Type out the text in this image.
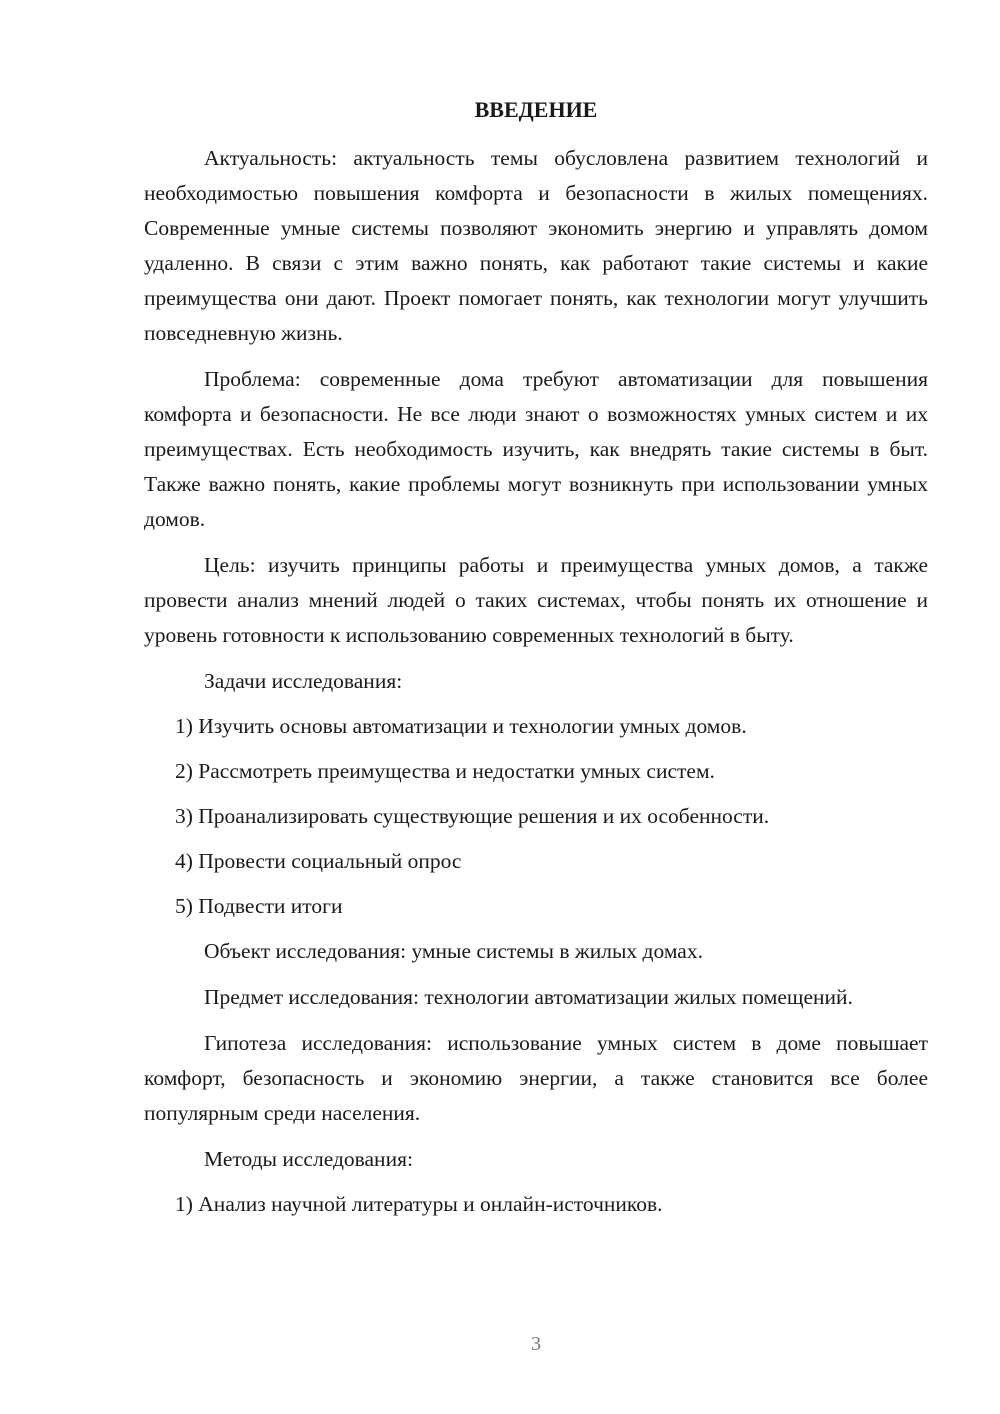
ВВЕДЕНИЕ

Актуальность: актуальность темы обусловлена развитием технологий и необходимостью повышения комфорта и безопасности в жилых помещениях. Современные умные системы позволяют экономить энергию и управлять домом удаленно. В связи с этим важно понять, как работают такие системы и какие преимущества они дают. Проект помогает понять, как технологии могут улучшить повседневную жизнь.

Проблема: современные дома требуют автоматизации для повышения комфорта и безопасности. Не все люди знают о возможностях умных систем и их преимуществах. Есть необходимость изучить, как внедрять такие системы в быт. Также важно понять, какие проблемы могут возникнуть при использовании умных домов.

Цель: изучить принципы работы и преимущества умных домов, а также провести анализ мнений людей о таких системах, чтобы понять их отношение и уровень готовности к использованию современных технологий в быту.

Задачи исследования:
1) Изучить основы автоматизации и технологии умных домов.
2) Рассмотреть преимущества и недостатки умных систем.
3) Проанализировать существующие решения и их особенности.
4) Провести социальный опрос
5) Подвести итоги

Объект исследования: умные системы в жилых домах.

Предмет исследования: технологии автоматизации жилых помещений.

Гипотеза исследования: использование умных систем в доме повышает комфорт, безопасность и экономию энергии, а также становится все более популярным среди населения.

Методы исследования:
1) Анализ научной литературы и онлайн-источников.
3
